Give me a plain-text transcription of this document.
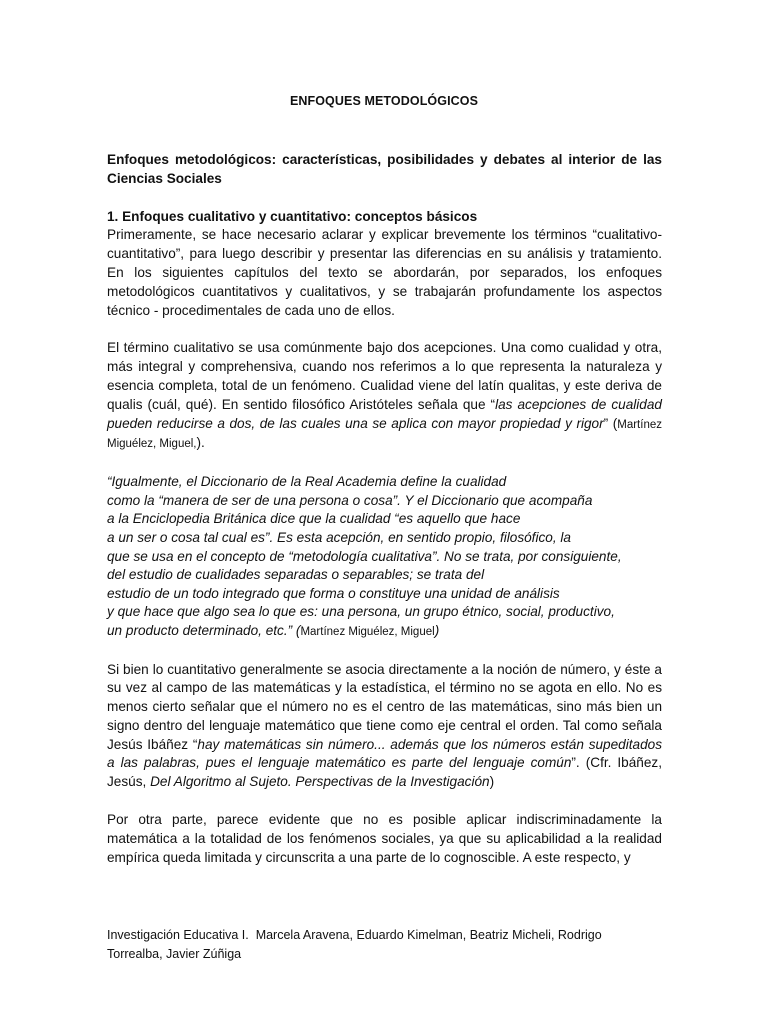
ENFOQUES METODOLÓGICOS

Enfoques metodológicos: características, posibilidades y debates al interior de las Ciencias Sociales

1. Enfoques cualitativo y cuantitativo: conceptos básicos

Primeramente, se hace necesario aclarar y explicar brevemente los términos “cualitativo-cuantitativo”, para luego describir y presentar las diferencias en su análisis y tratamiento. En los siguientes capítulos del texto se abordarán, por separados, los enfoques metodológicos cuantitativos y cualitativos, y se trabajarán profundamente los aspectos técnico - procedimentales de cada uno de ellos.

El término cualitativo se usa comúnmente bajo dos acepciones. Una como cualidad y otra, más integral y comprehensiva, cuando nos referimos a lo que representa la naturaleza y esencia completa, total de un fenómeno. Cualidad viene del latín qualitas, y este deriva de qualis (cuál, qué). En sentido filosófico Aristóteles señala que “las acepciones de cualidad pueden reducirse a dos, de las cuales una se aplica con mayor propiedad y rigor” (Martínez Miguélez, Miguel,).

“Igualmente, el Diccionario de la Real Academia define la cualidad
como la “manera de ser de una persona o cosa”. Y el Diccionario que acompaña
a la Enciclopedia Británica dice que la cualidad “es aquello que hace
a un ser o cosa tal cual es”. Es esta acepción, en sentido propio, filosófico, la
que se usa en el concepto de “metodología cualitativa”. No se trata, por consiguiente,
del estudio de cualidades separadas o separables; se trata del
estudio de un todo integrado que forma o constituye una unidad de análisis
y que hace que algo sea lo que es: una persona, un grupo étnico, social, productivo,
un producto determinado, etc.” (Martínez Miguélez, Miguel)

Si bien lo cuantitativo generalmente se asocia directamente a la noción de número, y éste a su vez al campo de las matemáticas y la estadística, el término no se agota en ello. No es menos cierto señalar que el número no es el centro de las matemáticas, sino más bien un signo dentro del lenguaje matemático que tiene como eje central el orden. Tal como señala Jesús Ibáñez “hay matemáticas sin número... además que los números están supeditados a las palabras, pues el lenguaje matemático es parte del lenguaje común”. (Cfr. Ibáñez, Jesús, Del Algoritmo al Sujeto. Perspectivas de la Investigación)

Por otra parte, parece evidente que no es posible aplicar indiscriminadamente la matemática a la totalidad de los fenómenos sociales, ya que su aplicabilidad a la realidad empírica queda limitada y circunscrita a una parte de lo cognoscible. A este respecto, y

Investigación Educativa I.  Marcela Aravena, Eduardo Kimelman, Beatriz Micheli, Rodrigo
Torrealba, Javier Zúñiga
